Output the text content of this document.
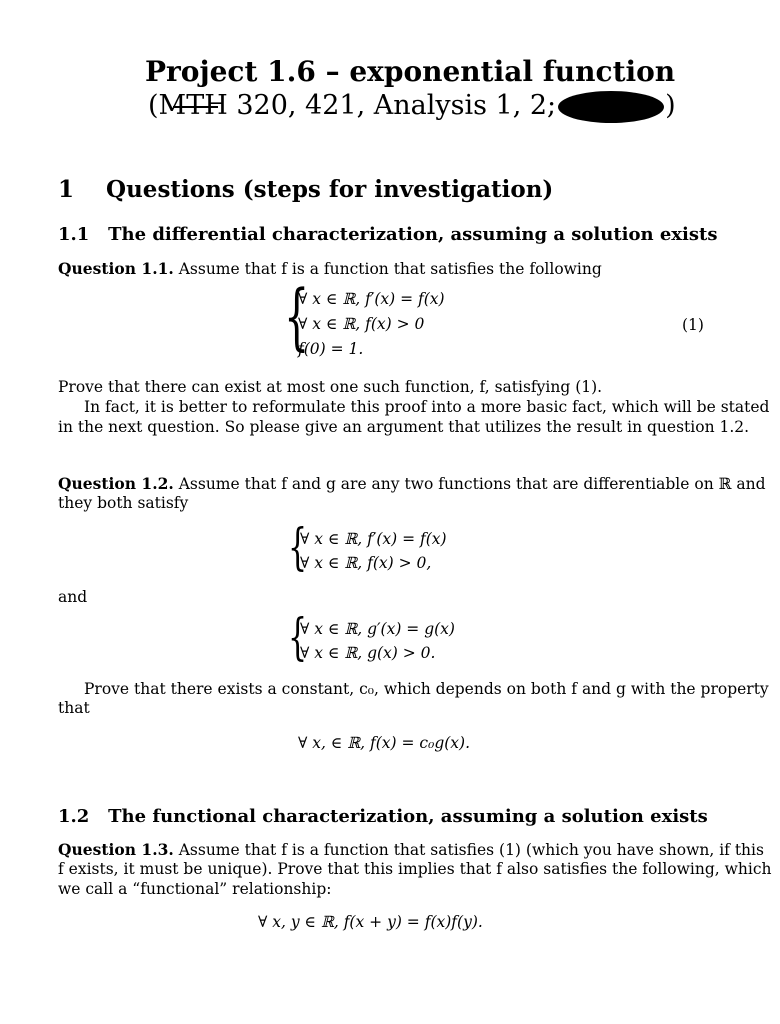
Project 1.6 – exponential function
(MTH 320, 421, Analysis 1, 2;	)
1 Questions (steps for investigation)
1.1 The differential characterization, assuming a solution exists
Question 1.1. Assume that f is a function that satisfies the following
{
∀ x ∈ ℝ, f′(x) = f(x)
∀ x ∈ ℝ, f(x) > 0
f(0) = 1.
(1)
Prove that there can exist at most one such function, f, satisfying (1).
In fact, it is better to reformulate this proof into a more basic fact, which will be stated
in the next question. So please give an argument that utilizes the result in question 1.2.
Question 1.2. Assume that f and g are any two functions that are differentiable on ℝ and
they both satisfy
{
∀ x ∈ ℝ, f′(x) = f(x)
∀ x ∈ ℝ, f(x) > 0,
and
{
∀ x ∈ ℝ, g′(x) = g(x)
∀ x ∈ ℝ, g(x) > 0.
Prove that there exists a constant, c₀, which depends on both f and g with the property
that
∀ x, ∈ ℝ, f(x) = c₀g(x).
1.2 The functional characterization, assuming a solution exists
Question 1.3. Assume that f is a function that satisfies (1) (which you have shown, if this
f exists, it must be unique). Prove that this implies that f also satisfies the following, which
we call a “functional” relationship:
∀ x, y ∈ ℝ, f(x + y) = f(x)f(y).
